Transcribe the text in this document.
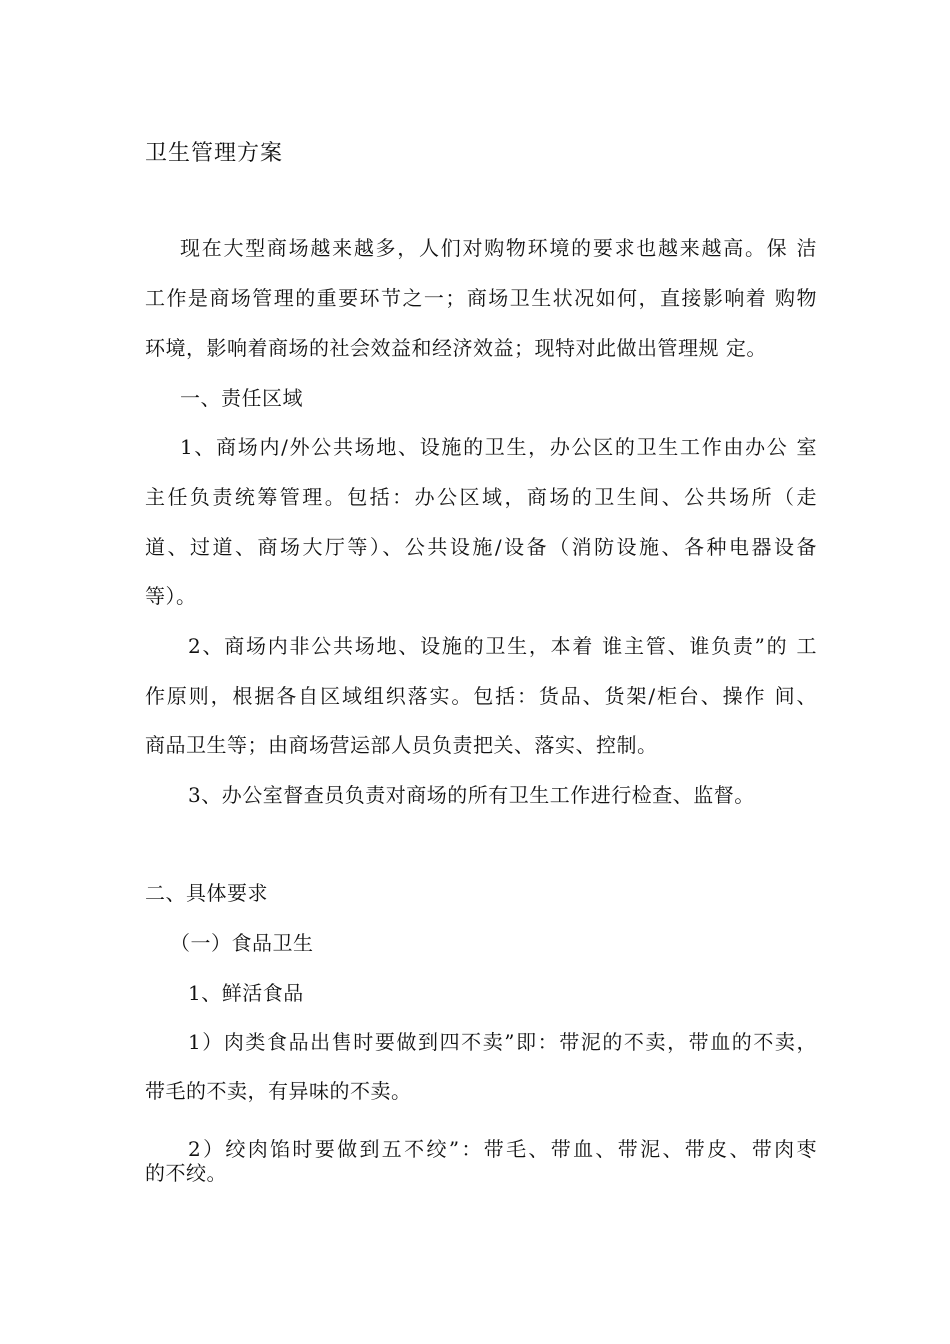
卫生管理方案
现在大型商场越来越多，人们对购物环境的要求也越来越高。保 洁
工作是商场管理的重要环节之一；商场卫生状况如何，直接影响着 购物
环境，影响着商场的社会效益和经济效益；现特对此做出管理规 定。
一、责任区域
1、商场内/外公共场地、设施的卫生，办公区的卫生工作由办公 室
主任负责统筹管理。包括：办公区域，商场的卫生间、公共场所（走
道、过道、商场大厅等）、公共设施/设备（消防设施、各种电器设备
等）。
2、商场内非公共场地、设施的卫生，本着 谁主管、谁负责”的 工
作原则，根据各自区域组织落实。包括：货品、货架/柜台、操作 间、
商品卫生等；由商场营运部人员负责把关、落实、控制。
3、办公室督查员负责对商场的所有卫生工作进行检查、监督。
二、具体要求
（一）食品卫生
1、鲜活食品
1）肉类食品出售时要做到四不卖”即：带泥的不卖，带血的不卖，
带毛的不卖，有异味的不卖。
2）绞肉馅时要做到五不绞”：带毛、带血、带泥、带皮、带肉枣
的不绞。
